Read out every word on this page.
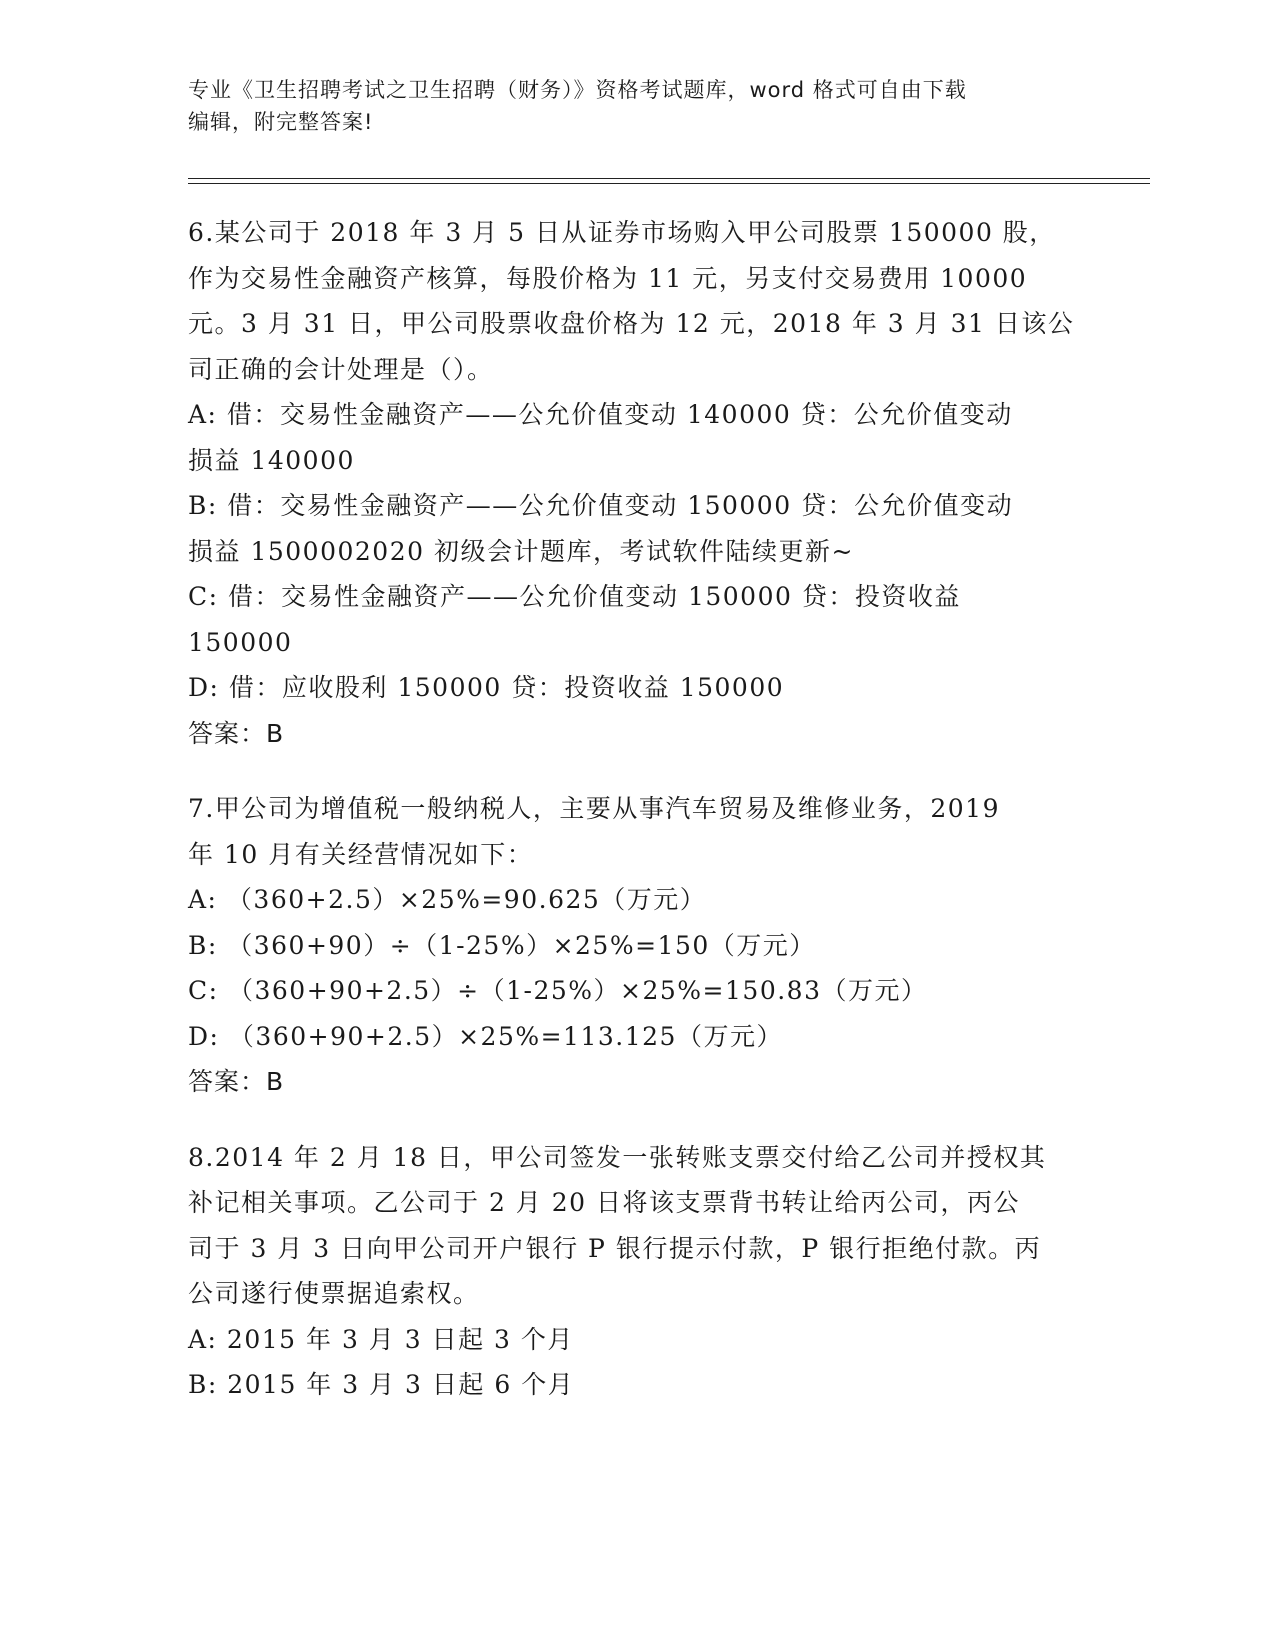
专业《卫生招聘考试之卫生招聘（财务）》资格考试题库，word 格式可自由下载
编辑，附完整答案!
6.某公司于 2018 年 3 月 5 日从证券市场购入甲公司股票 150000 股，
作为交易性金融资产核算，每股价格为 11 元，另支付交易费用 10000
元。3 月 31 日，甲公司股票收盘价格为 12 元，2018 年 3 月 31 日该公
司正确的会计处理是（）。
A: 借：交易性金融资产——公允价值变动 140000 贷：公允价值变动
损益 140000
B: 借：交易性金融资产——公允价值变动 150000 贷：公允价值变动
损益 1500002020 初级会计题库，考试软件陆续更新~
C: 借：交易性金融资产——公允价值变动 150000 贷：投资收益
150000
D: 借：应收股利 150000 贷：投资收益 150000
答案：B
7.甲公司为增值税一般纳税人，主要从事汽车贸易及维修业务，2019
年 10 月有关经营情况如下：
A: （360+2.5）×25%=90.625（万元）
B: （360+90）÷（1-25%）×25%=150（万元）
C: （360+90+2.5）÷（1-25%）×25%=150.83（万元）
D: （360+90+2.5）×25%=113.125（万元）
答案：B
8.2014 年 2 月 18 日，甲公司签发一张转账支票交付给乙公司并授权其
补记相关事项。乙公司于 2 月 20 日将该支票背书转让给丙公司，丙公
司于 3 月 3 日向甲公司开户银行 P 银行提示付款，P 银行拒绝付款。丙
公司遂行使票据追索权。
A: 2015 年 3 月 3 日起 3 个月
B: 2015 年 3 月 3 日起 6 个月
